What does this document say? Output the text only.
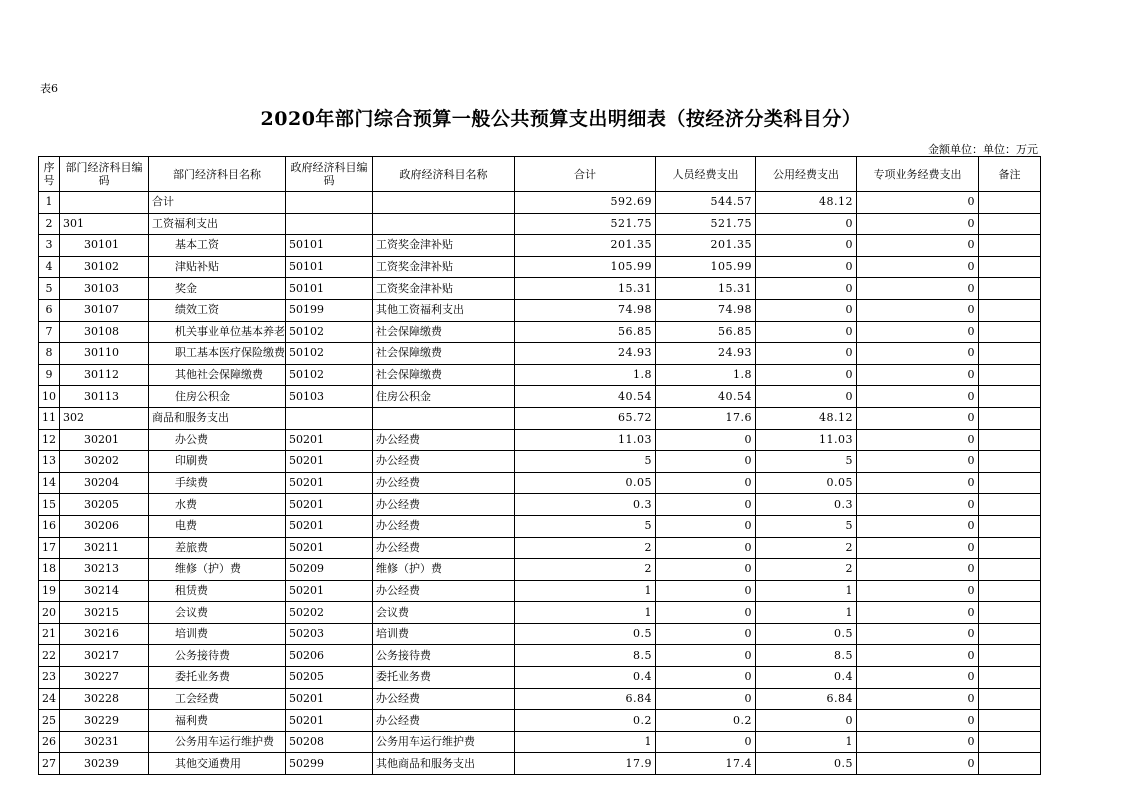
表6
2020年部门综合预算一般公共预算支出明细表（按经济分类科目分）
金额单位：单位：万元
序号	部门经济科目编码	部门经济科目名称	政府经济科目编码	政府经济科目名称	合计	人员经费支出	公用经费支出	专项业务经费支出	备注
1		合计			592.69	544.57	48.12	0	
2	301	工资福利支出			521.75	521.75	0	0	
3	30101	基本工资	50101	工资奖金津补贴	201.35	201.35	0	0	
4	30102	津贴补贴	50101	工资奖金津补贴	105.99	105.99	0	0	
5	30103	奖金	50101	工资奖金津补贴	15.31	15.31	0	0	
6	30107	绩效工资	50199	其他工资福利支出	74.98	74.98	0	0	
7	30108	机关事业单位基本养老	50102	社会保障缴费	56.85	56.85	0	0	
8	30110	职工基本医疗保险缴费	50102	社会保障缴费	24.93	24.93	0	0	
9	30112	其他社会保障缴费	50102	社会保障缴费	1.8	1.8	0	0	
10	30113	住房公积金	50103	住房公积金	40.54	40.54	0	0	
11	302	商品和服务支出			65.72	17.6	48.12	0	
12	30201	办公费	50201	办公经费	11.03	0	11.03	0	
13	30202	印刷费	50201	办公经费	5	0	5	0	
14	30204	手续费	50201	办公经费	0.05	0	0.05	0	
15	30205	水费	50201	办公经费	0.3	0	0.3	0	
16	30206	电费	50201	办公经费	5	0	5	0	
17	30211	差旅费	50201	办公经费	2	0	2	0	
18	30213	维修（护）费	50209	维修（护）费	2	0	2	0	
19	30214	租赁费	50201	办公经费	1	0	1	0	
20	30215	会议费	50202	会议费	1	0	1	0	
21	30216	培训费	50203	培训费	0.5	0	0.5	0	
22	30217	公务接待费	50206	公务接待费	8.5	0	8.5	0	
23	30227	委托业务费	50205	委托业务费	0.4	0	0.4	0	
24	30228	工会经费	50201	办公经费	6.84	0	6.84	0	
25	30229	福利费	50201	办公经费	0.2	0.2	0	0	
26	30231	公务用车运行维护费	50208	公务用车运行维护费	1	0	1	0	
27	30239	其他交通费用	50299	其他商品和服务支出	17.9	17.4	0.5	0	
